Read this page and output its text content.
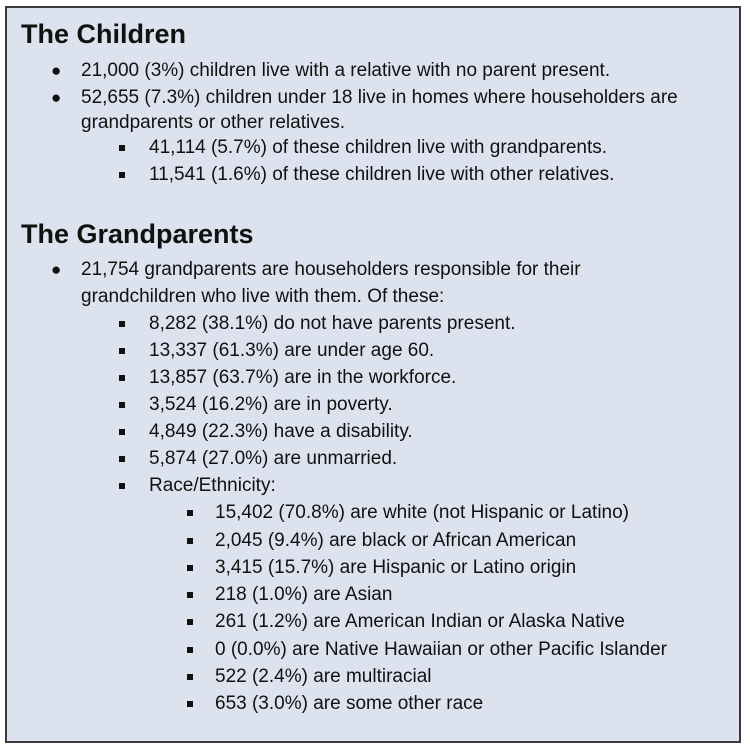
The Children
● 21,000 (3%) children live with a relative with no parent present.
● 52,655 (7.3%) children under 18 live in homes where householders are
grandparents or other relatives.
41,114 (5.7%) of these children live with grandparents.
11,541 (1.6%) of these children live with other relatives.
The Grandparents
● 21,754 grandparents are householders responsible for their
grandchildren who live with them. Of these:
8,282 (38.1%) do not have parents present.
13,337 (61.3%) are under age 60.
13,857 (63.7%) are in the workforce.
3,524 (16.2%) are in poverty.
4,849 (22.3%) have a disability.
5,874 (27.0%) are unmarried.
Race/Ethnicity:
15,402 (70.8%) are white (not Hispanic or Latino)
2,045 (9.4%) are black or African American
3,415 (15.7%) are Hispanic or Latino origin
218 (1.0%) are Asian
261 (1.2%) are American Indian or Alaska Native
0 (0.0%) are Native Hawaiian or other Pacific Islander
522 (2.4%) are multiracial
653 (3.0%) are some other race
